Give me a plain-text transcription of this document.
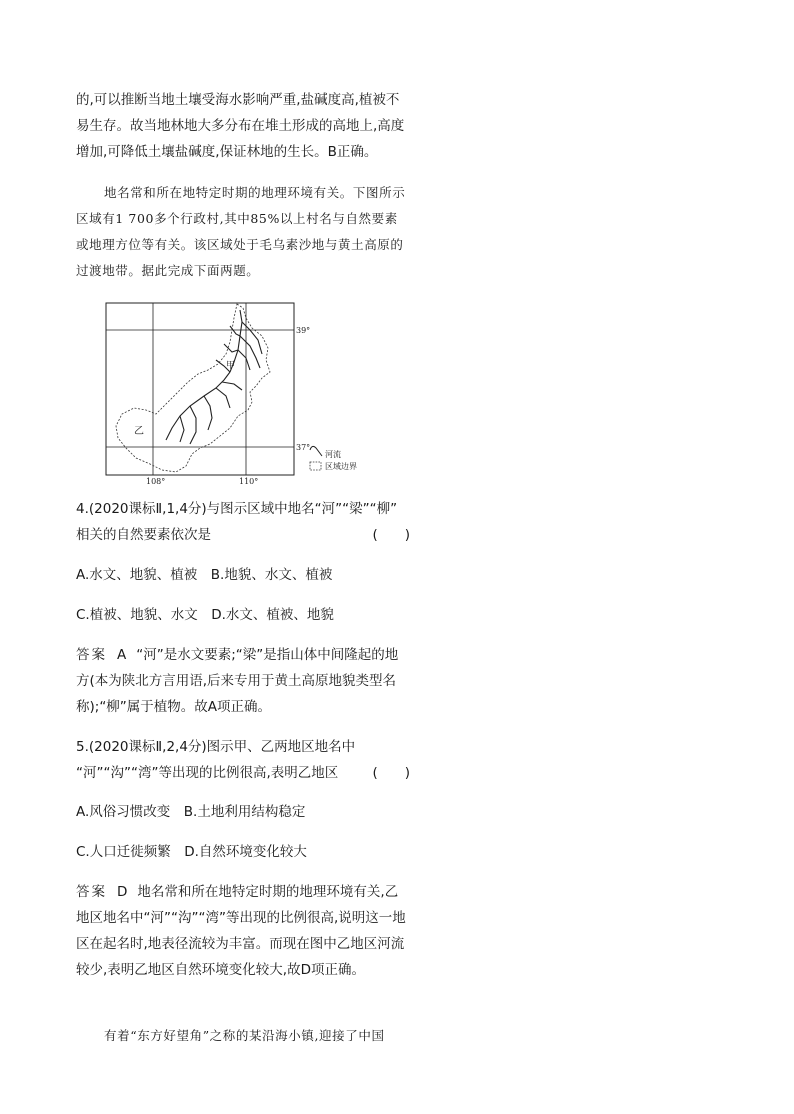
的,可以推断当地土壤受海水影响严重,盐碱度高,植被不易生存。故当地林地大多分布在堆土形成的高地上,高度增加,可降低土壤盐碱度,保证林地的生长。B正确。

地名常和所在地特定时期的地理环境有关。下图所示区域有1 700多个行政村,其中85%以上村名与自然要素或地理方位等有关。该区域处于毛乌素沙地与黄土高原的过渡地带。据此完成下面两题。

甲
乙
39°
37°
108°	110°
河流
区域边界

4.(2020课标Ⅱ,1,4分)与图示区域中地名“河”“梁”“柳”

相关的自然要素依次是	(　　)

A.水文、地貌、植被　B.地貌、水文、植被

C.植被、地貌、水文　D.水文、植被、地貌

答案 A “河”是水文要素;“梁”是指山体中间隆起的地方(本为陕北方言用语,后来专用于黄土高原地貌类型名称);“柳”属于植物。故A项正确。

5.(2020课标Ⅱ,2,4分)图示甲、乙两地区地名中

“河”“沟”“湾”等出现的比例很高,表明乙地区	(　　)

A.风俗习惯改变　B.土地利用结构稳定

C.人口迁徙频繁　D.自然环境变化较大

答案 D 地名常和所在地特定时期的地理环境有关,乙地区地名中“河”“沟”“湾”等出现的比例很高,说明这一地区在起名时,地表径流较为丰富。而现在图中乙地区河流较少,表明乙地区自然环境变化较大,故D项正确。

有着“东方好望角”之称的某沿海小镇,迎接了中国
